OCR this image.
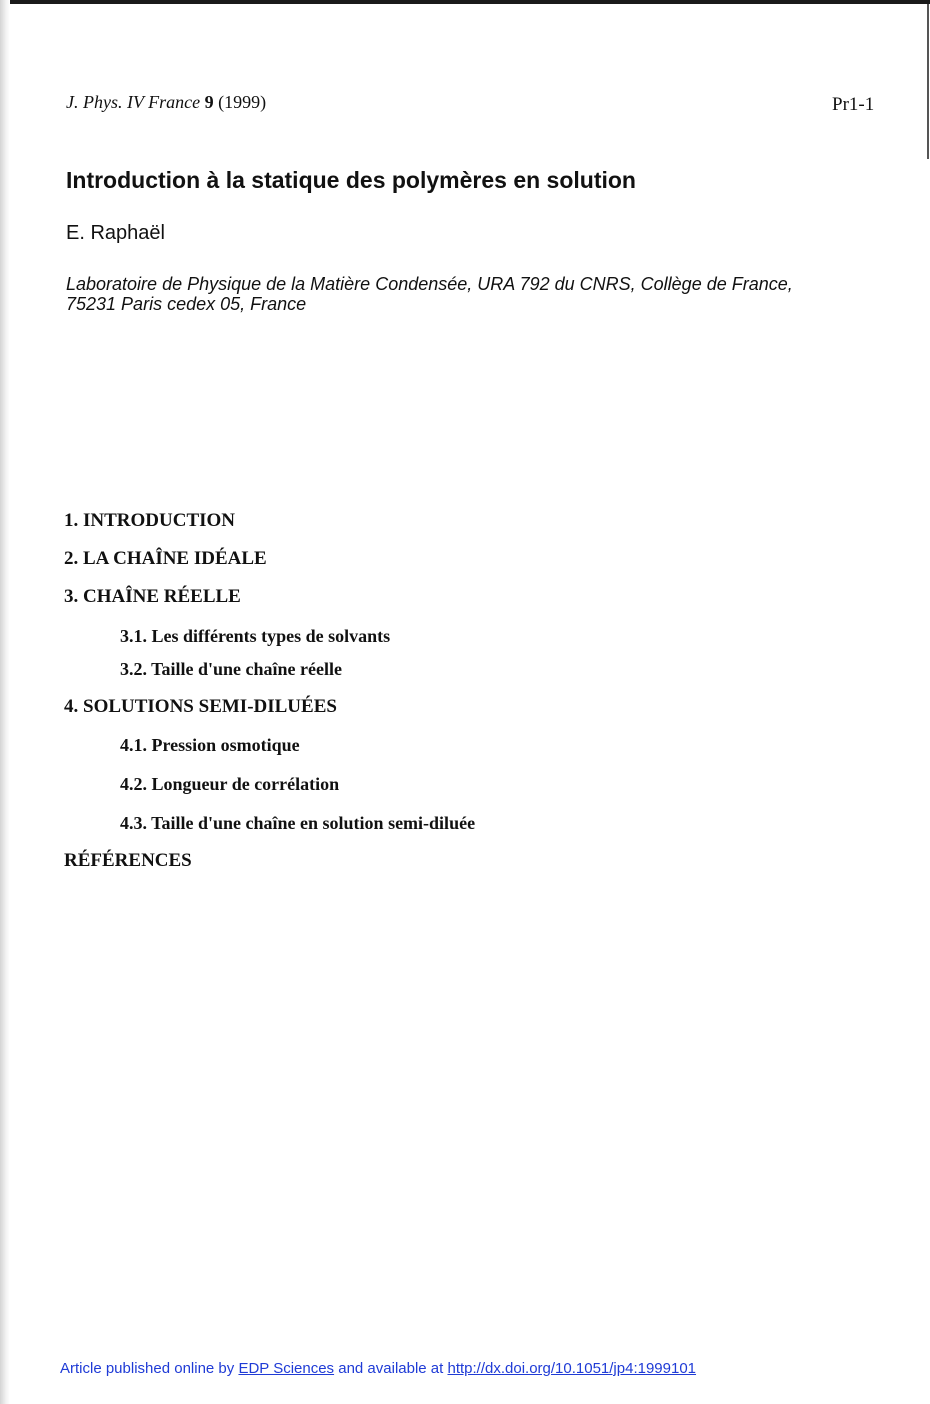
J. Phys. IV France 9 (1999)	Pr1-1
Introduction à la statique des polymères en solution
E. Raphaël
Laboratoire de Physique de la Matière Condensée, URA 792 du CNRS, Collège de France,
75231 Paris cedex 05, France
1. INTRODUCTION
2. LA CHAÎNE IDÉALE
3. CHAÎNE RÉELLE
3.1. Les différents types de solvants
3.2. Taille d'une chaîne réelle
4. SOLUTIONS SEMI-DILUÉES
4.1. Pression osmotique
4.2. Longueur de corrélation
4.3. Taille d'une chaîne en solution semi-diluée
RÉFÉRENCES
Article published online by EDP Sciences and available at http://dx.doi.org/10.1051/jp4:1999101
